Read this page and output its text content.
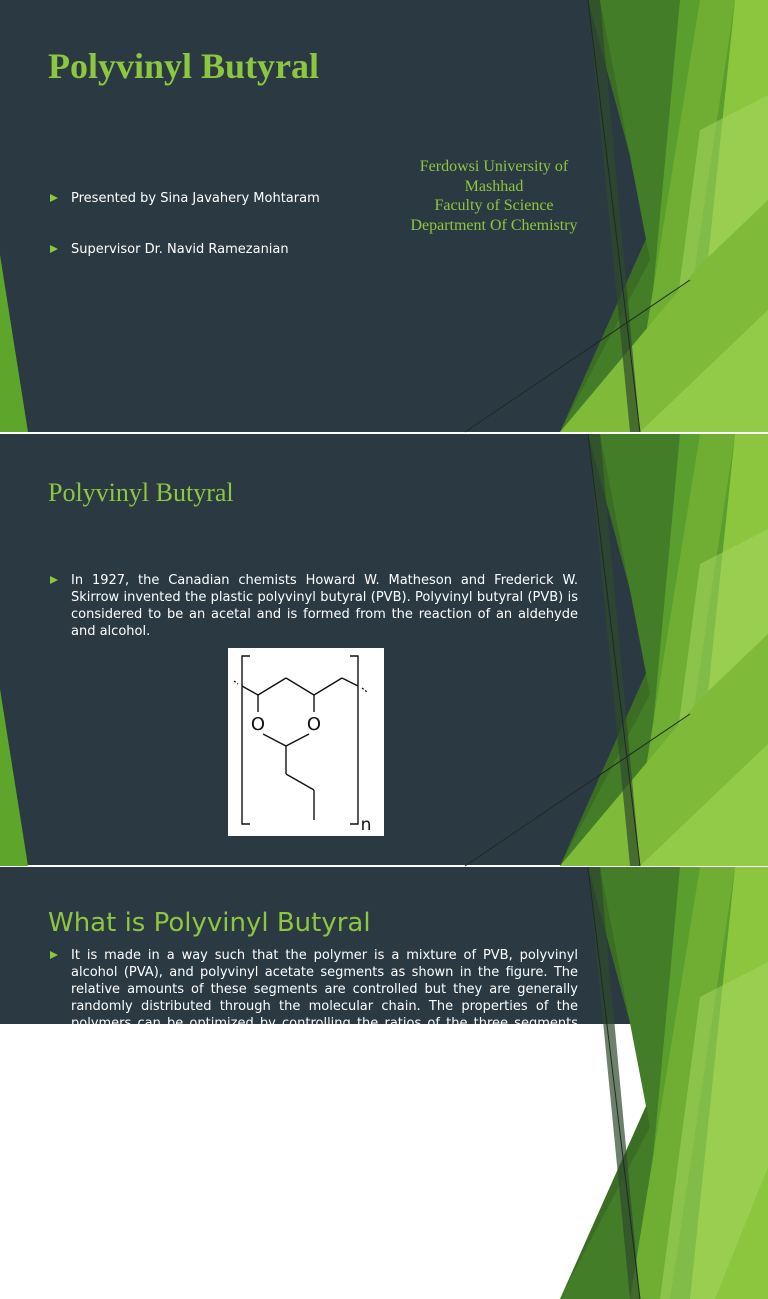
Polyvinyl Butyral
Presented by Sina Javahery Mohtaram
Supervisor Dr. Navid Ramezanian
Ferdowsi University of
Mashhad
Faculty of Science
Department Of Chemistry
Polyvinyl Butyral
In 1927, the Canadian chemists Howard W. Matheson and Frederick W. Skirrow invented the plastic polyvinyl butyral (PVB). Polyvinyl butyral (PVB) is considered to be an acetal and is formed from the reaction of an aldehyde and alcohol.
O O
n
What is Polyvinyl Butyral
It is made in a way such that the polymer is a mixture of PVB, polyvinyl alcohol (PVA), and polyvinyl acetate segments as shown in the figure. The relative amounts of these segments are controlled but they are generally randomly distributed through the molecular chain. The properties of the polymers can be optimized by controlling the ratios of the three segments [1].
